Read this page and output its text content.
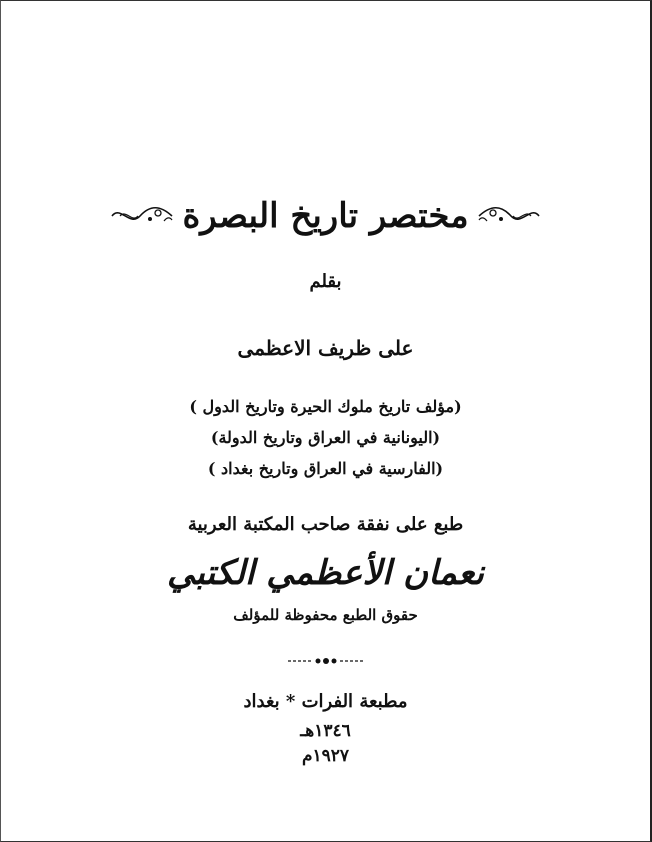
مختصر تاريخ البصرة
بقلم
على ظريف الاعظمى
(مؤلف تاريخ ملوك الحيرة وتاريخ الدول )
(اليونانية في العراق وتاريخ الدولة)
(الفارسية في العراق وتاريخ بغداد )
طبع على نفقة صاحب المكتبة العربية
نعمان الأعظمي الكتبي
حقوق الطبع محفوظة للمؤلف
مطبعة الفرات * بغداد
١٣٤٦هـ
١٩٢٧م
